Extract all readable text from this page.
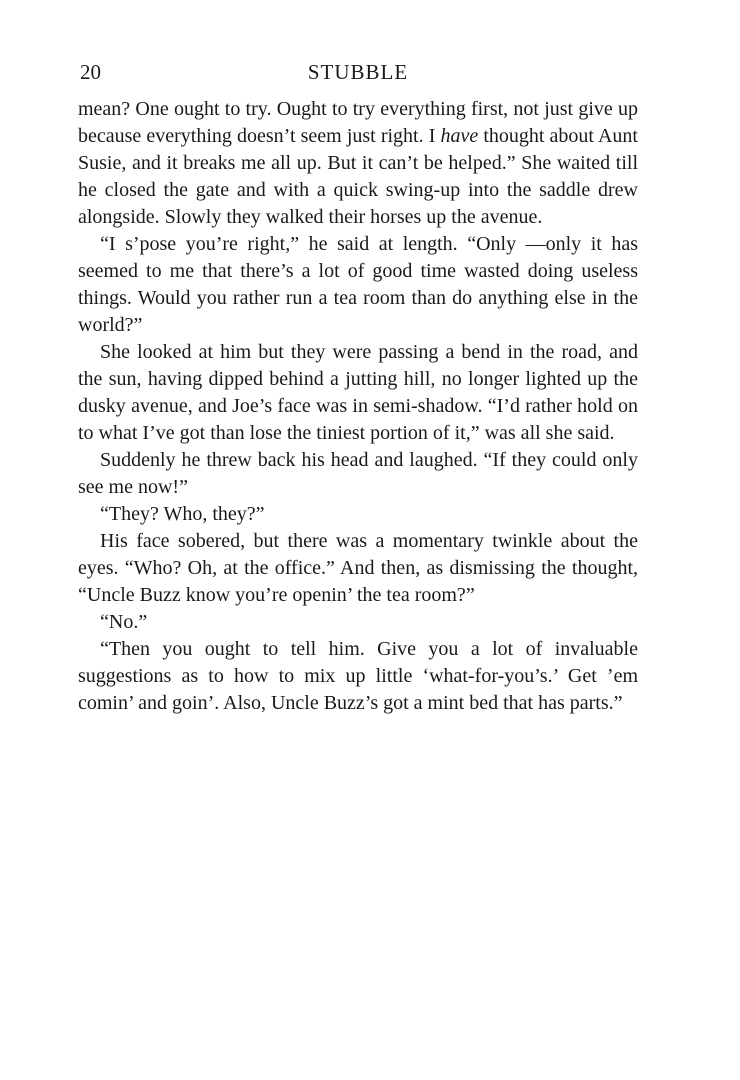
20	STUBBLE

mean? One ought to try. Ought to try everything first, not just give up because everything doesn’t seem just right. I have thought about Aunt Susie, and it breaks me all up. But it can’t be helped.” She waited till he closed the gate and with a quick swing-up into the saddle drew alongside. Slowly they walked their horses up the avenue.

“I s’pose you’re right,” he said at length. “Only —only it has seemed to me that there’s a lot of good time wasted doing useless things. Would you rather run a tea room than do anything else in the world?”

She looked at him but they were passing a bend in the road, and the sun, having dipped behind a jutting hill, no longer lighted up the dusky avenue, and Joe’s face was in semi-shadow. “I’d rather hold on to what I’ve got than lose the tiniest portion of it,” was all she said.

Suddenly he threw back his head and laughed. “If they could only see me now!”

“They? Who, they?”

His face sobered, but there was a momentary twinkle about the eyes. “Who? Oh, at the office.” And then, as dismissing the thought, “Uncle Buzz know you’re openin’ the tea room?”

“No.”

“Then you ought to tell him. Give you a lot of invaluable suggestions as to how to mix up little ‘what-for-you’s.’ Get ’em comin’ and goin’. Also, Uncle Buzz’s got a mint bed that has parts.”
